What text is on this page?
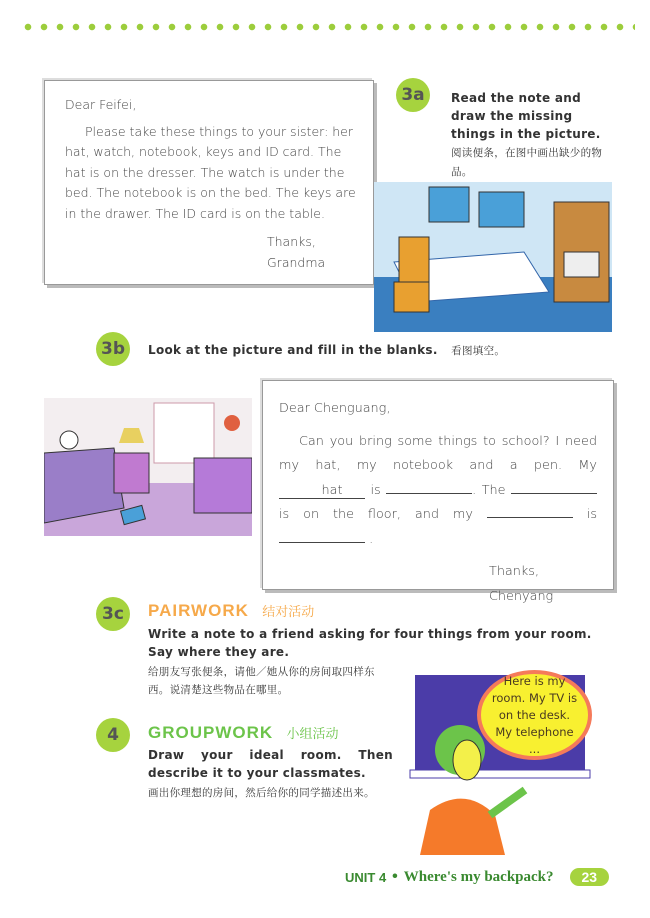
Dear Feifei,
Please take these things to your sister: her hat, watch, notebook, keys and ID card. The hat is on the dresser. The watch is under the bed. The notebook is on the bed. The keys are in the drawer. The ID card is on the table.
Thanks,
Grandma
3a	Read the note and draw the missing things in the picture. 阅读便条，在图中画出缺少的物品。
3b	Look at the picture and fill in the blanks. 看图填空。
Dear Chenguang,
Can you bring some things to school? I need my hat, my notebook and a pen. My hat is	. The  is on the floor, and my	is  .
Thanks,
Chenyang
3c	PAIRWORK 结对活动
Write a note to a friend asking for four things from your room. Say where they are.
给朋友写张便条，请他／她从你的房间取四样东西。说清楚这些物品在哪里。
4	GROUPWORK 小组活动
Draw your ideal room. Then describe it to your classmates.
画出你理想的房间，然后给你的同学描述出来。
Here is my room. My TV is on the desk. My telephone ...
UNIT 4 • Where's my backpack?	23
